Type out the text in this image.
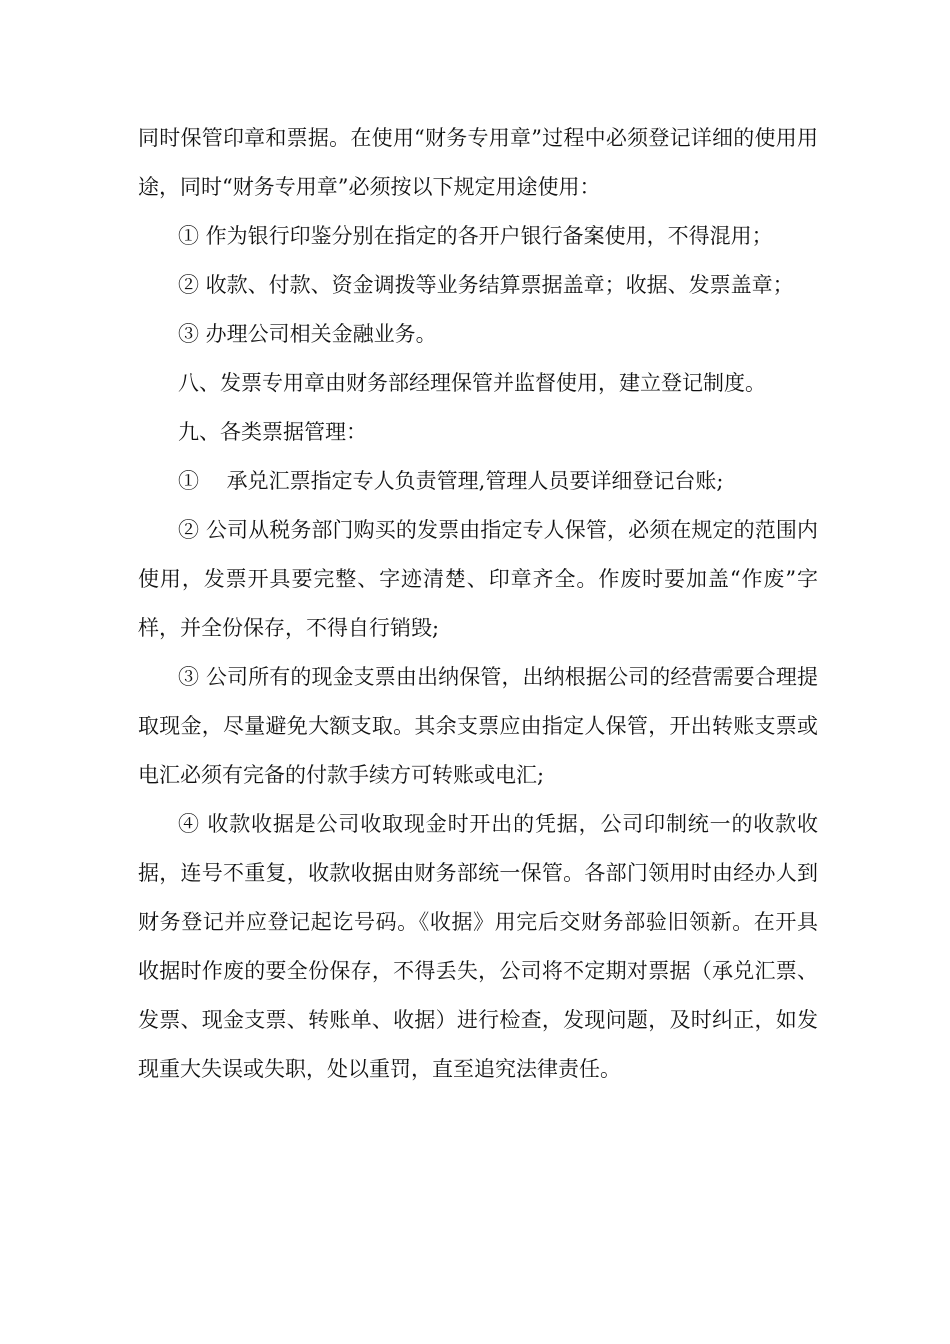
同时保管印章和票据。在使用“财务专用章”过程中必须登记详细的使用用途，同时“财务专用章”必须按以下规定用途使用：

① 作为银行印鉴分别在指定的各开户银行备案使用，不得混用；

② 收款、付款、资金调拨等业务结算票据盖章；收据、发票盖章；

③ 办理公司相关金融业务。

八、发票专用章由财务部经理保管并监督使用，建立登记制度。

九、各类票据管理：

①　 承兑汇票指定专人负责管理,管理人员要详细登记台账;

② 公司从税务部门购买的发票由指定专人保管，必须在规定的范围内使用，发票开具要完整、字迹清楚、印章齐全。作废时要加盖“作废”字样，并全份保存，不得自行销毁;

③ 公司所有的现金支票由出纳保管，出纳根据公司的经营需要合理提取现金，尽量避免大额支取。其余支票应由指定人保管，开出转账支票或电汇必须有完备的付款手续方可转账或电汇;

④ 收款收据是公司收取现金时开出的凭据，公司印制统一的收款收据，连号不重复，收款收据由财务部统一保管。各部门领用时由经办人到财务登记并应登记起讫号码。《收据》用完后交财务部验旧领新。在开具收据时作废的要全份保存，不得丢失，公司将不定期对票据（承兑汇票、发票、现金支票、转账单、收据）进行检查，发现问题，及时纠正，如发现重大失误或失职，处以重罚，直至追究法律责任。
